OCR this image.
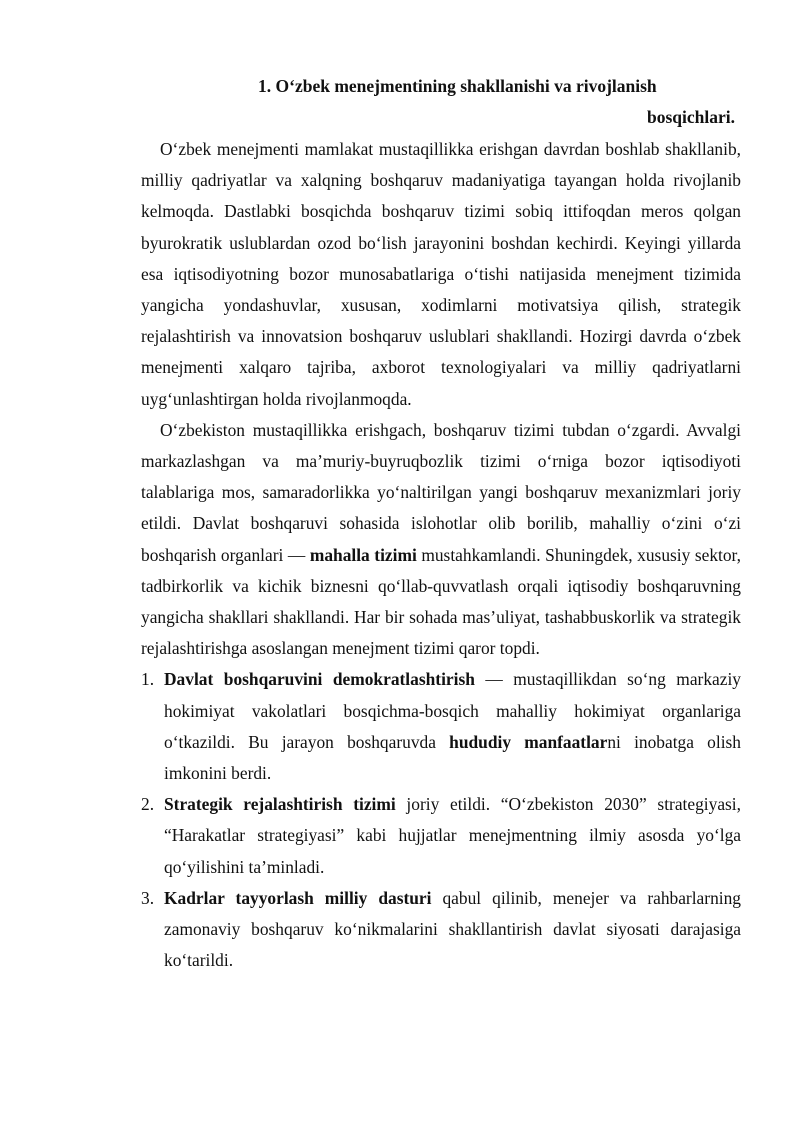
1. O‘zbek menejmentining shakllanishi va rivojlanish
bosqichlari.

O‘zbek menejmenti mamlakat mustaqillikka erishgan davrdan boshlab shakllanib, milliy qadriyatlar va xalqning boshqaruv madaniyatiga tayangan holda rivojlanib kelmoqda. Dastlabki bosqichda boshqaruv tizimi sobiq ittifoqdan meros qolgan byurokratik uslublardan ozod bo‘lish jarayonini boshdan kechirdi. Keyingi yillarda esa iqtisodiyotning bozor munosabatlariga o‘tishi natijasida menejment tizimida yangicha yondashuvlar, xususan, xodimlarni motivatsiya qilish, strategik rejalashtirish va innovatsion boshqaruv uslublari shakllandi. Hozirgi davrda o‘zbek menejmenti xalqaro tajriba, axborot texnologiyalari va milliy qadriyatlarni uyg‘unlashtirgan holda rivojlanmoqda.

O‘zbekiston mustaqillikka erishgach, boshqaruv tizimi tubdan o‘zgardi. Avvalgi markazlashgan va ma’muriy-buyruqbozlik tizimi o‘rniga bozor iqtisodiyoti talablariga mos, samaradorlikka yo‘naltirilgan yangi boshqaruv mexanizmlari joriy etildi. Davlat boshqaruvi sohasida islohotlar olib borilib, mahalliy o‘zini o‘zi boshqarish organlari — mahalla tizimi mustahkamlandi. Shuningdek, xususiy sektor, tadbirkorlik va kichik biznesni qo‘llab-quvvatlash orqali iqtisodiy boshqaruvning yangicha shakllari shakllandi. Har bir sohada mas’uliyat, tashabbuskorlik va strategik rejalashtirishga asoslangan menejment tizimi qaror topdi.

1. Davlat boshqaruvini demokratlashtirish — mustaqillikdan so‘ng markaziy hokimiyat vakolatlari bosqichma-bosqich mahalliy hokimiyat organlariga o‘tkazildi. Bu jarayon boshqaruvda hududiy manfaatlarni inobatga olish imkonini berdi.
2. Strategik rejalashtirish tizimi joriy etildi. “O‘zbekiston 2030” strategiyasi, “Harakatlar strategiyasi” kabi hujjatlar menejmentning ilmiy asosda yo‘lga qo‘yilishini ta’minladi.
3. Kadrlar tayyorlash milliy dasturi qabul qilinib, menejer va rahbarlarning zamonaviy boshqaruv ko‘nikmalarini shakllantirish davlat siyosati darajasiga ko‘tarildi.
